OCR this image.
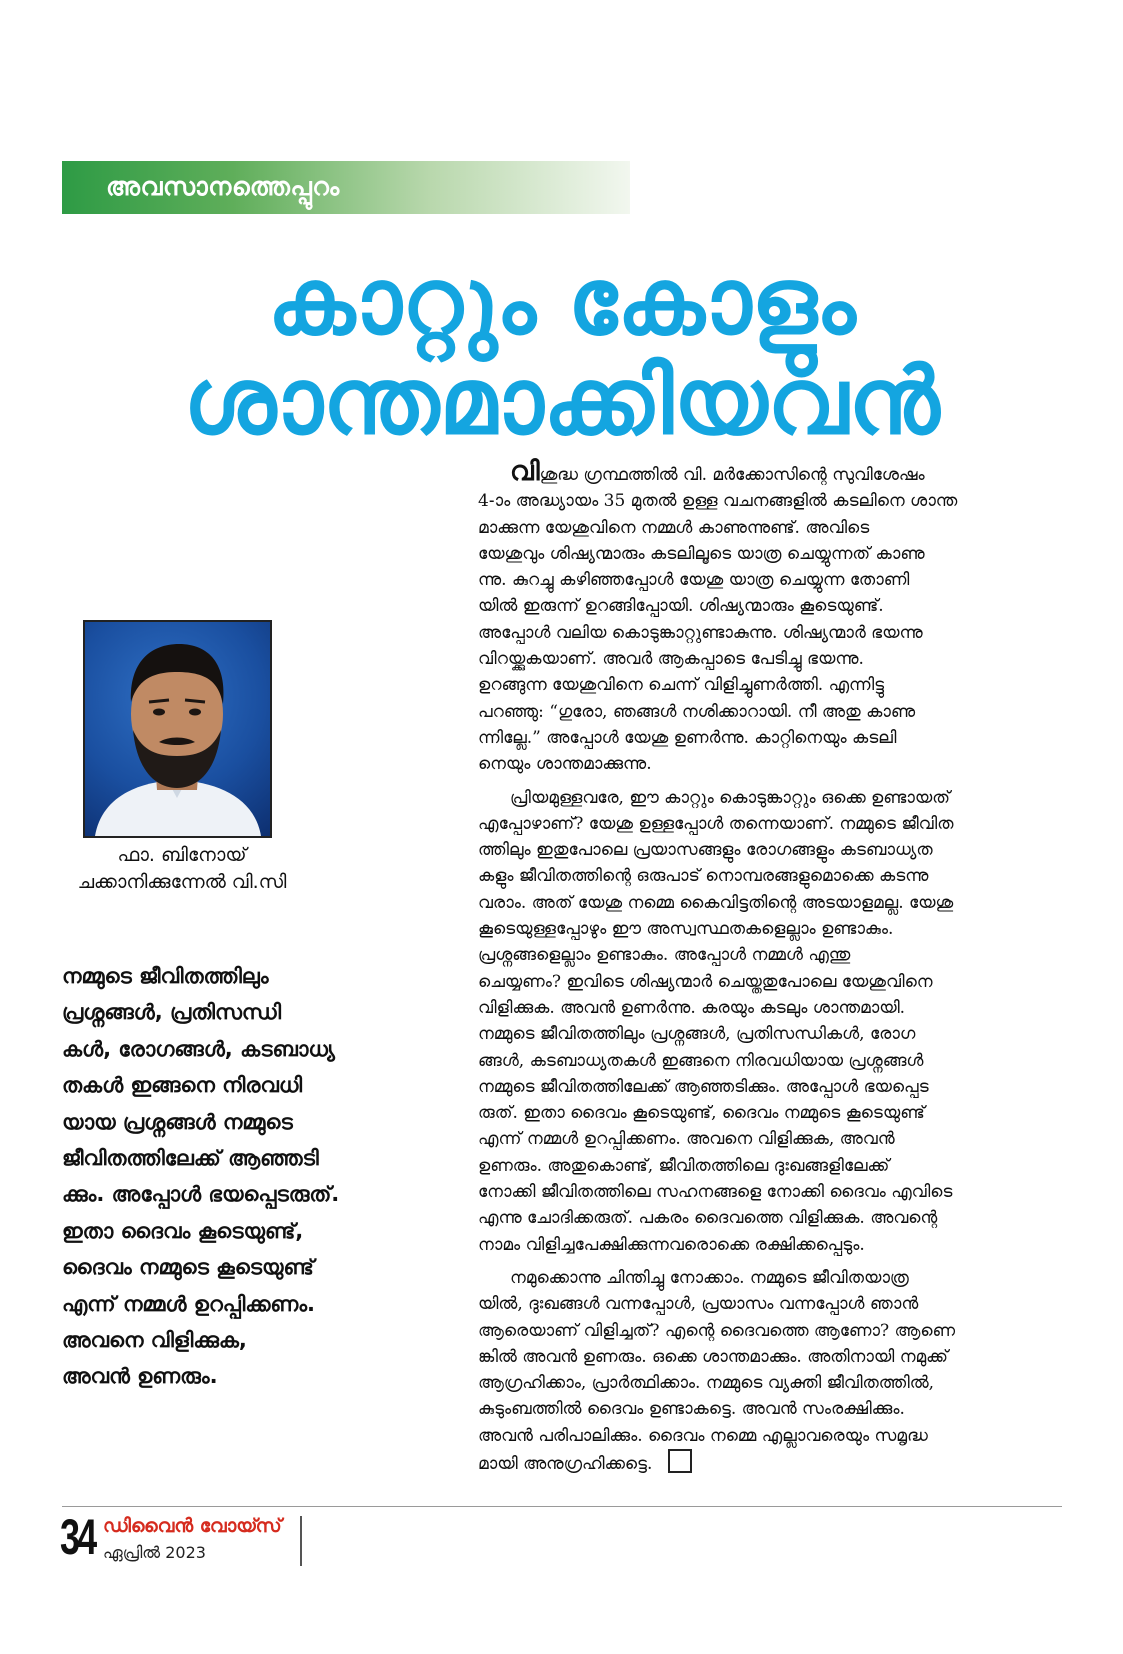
അവസാനത്തെപ്പുറം
കാറ്റും കോളും
ശാന്തമാക്കിയവൻ
ഫാ. ബിനോയ്
ചക്കാനിക്കുന്നേൽ വി.സി
നമ്മുടെ ജീവിതത്തിലും
പ്രശ്നങ്ങൾ, പ്രതിസന്ധി
കൾ, രോഗങ്ങൾ, കടബാധ്യ
തകൾ ഇങ്ങനെ നിരവധി
യായ പ്രശ്നങ്ങൾ നമ്മുടെ
ജീവിതത്തിലേക്ക് ആഞ്ഞടി
ക്കും. അപ്പോൾ ഭയപ്പെടരുത്.
ഇതാ ദൈവം കൂടെയുണ്ട്,
ദൈവം നമ്മുടെ കൂടെയുണ്ട്
എന്ന് നമ്മൾ ഉറപ്പിക്കണം.
അവനെ വിളിക്കുക,
അവൻ ഉണരും.
വിശുദ്ധ ഗ്രന്ഥത്തിൽ വി. മർക്കോസിന്റെ സുവിശേഷം
4-ാം അദ്ധ്യായം 35 മുതൽ ഉള്ള വചനങ്ങളിൽ കടലിനെ ശാന്ത
മാക്കുന്ന യേശുവിനെ നമ്മൾ കാണുന്നുണ്ട്. അവിടെ
യേശുവും ശിഷ്യന്മാരും കടലിലൂടെ യാത്ര ചെയ്യുന്നത് കാണു
ന്നു. കുറച്ചു കഴിഞ്ഞപ്പോൾ യേശു യാത്ര ചെയ്യുന്ന തോണി
യിൽ ഇരുന്ന് ഉറങ്ങിപ്പോയി. ശിഷ്യന്മാരും കൂടെയുണ്ട്.
അപ്പോൾ വലിയ കൊടുങ്കാറ്റുണ്ടാകുന്നു. ശിഷ്യന്മാർ ഭയന്നു
വിറയ്ക്കുകയാണ്. അവർ ആകപ്പാടെ പേടിച്ചു ഭയന്നു.
ഉറങ്ങുന്ന യേശുവിനെ ചെന്ന് വിളിച്ചുണർത്തി. എന്നിട്ടു
പറഞ്ഞു: “ഗുരോ, ഞങ്ങൾ നശിക്കാറായി. നീ അതു കാണു
ന്നില്ലേ.” അപ്പോൾ യേശു ഉണർന്നു. കാറ്റിനെയും കടലി
നെയും ശാന്തമാക്കുന്നു.
പ്രിയമുള്ളവരേ, ഈ കാറ്റും കൊടുങ്കാറ്റും ഒക്കെ ഉണ്ടായത്
എപ്പോഴാണ്? യേശു ഉള്ളപ്പോൾ തന്നെയാണ്. നമ്മുടെ ജീവിത
ത്തിലും ഇതുപോലെ പ്രയാസങ്ങളും രോഗങ്ങളും കടബാധ്യത
കളും ജീവിതത്തിന്റെ ഒരുപാട് നൊമ്പരങ്ങളുമൊക്കെ കടന്നു
വരാം. അത് യേശു നമ്മെ കൈവിട്ടതിന്റെ അടയാളമല്ല. യേശു
കൂടെയുള്ളപ്പോഴും ഈ അസ്വസ്ഥതകളെല്ലാം ഉണ്ടാകും.
പ്രശ്നങ്ങളെല്ലാം ഉണ്ടാകും. അപ്പോൾ നമ്മൾ എന്തു
ചെയ്യണം? ഇവിടെ ശിഷ്യന്മാർ ചെയ്തതുപോലെ യേശുവിനെ
വിളിക്കുക. അവൻ ഉണർന്നു. കരയും കടലും ശാന്തമായി.
നമ്മുടെ ജീവിതത്തിലും പ്രശ്നങ്ങൾ, പ്രതിസന്ധികൾ, രോഗ
ങ്ങൾ, കടബാധ്യതകൾ ഇങ്ങനെ നിരവധിയായ പ്രശ്നങ്ങൾ
നമ്മുടെ ജീവിതത്തിലേക്ക് ആഞ്ഞടിക്കും. അപ്പോൾ ഭയപ്പെട
രുത്. ഇതാ ദൈവം കൂടെയുണ്ട്, ദൈവം നമ്മുടെ കൂടെയുണ്ട്
എന്ന് നമ്മൾ ഉറപ്പിക്കണം. അവനെ വിളിക്കുക, അവൻ
ഉണരും. അതുകൊണ്ട്, ജീവിതത്തിലെ ദുഃഖങ്ങളിലേക്ക്
നോക്കി ജീവിതത്തിലെ സഹനങ്ങളെ നോക്കി ദൈവം എവിടെ
എന്നു ചോദിക്കരുത്. പകരം ദൈവത്തെ വിളിക്കുക. അവന്റെ
നാമം വിളിച്ചപേക്ഷിക്കുന്നവരൊക്കെ രക്ഷിക്കപ്പെടും.
നമുക്കൊന്നു ചിന്തിച്ചു നോക്കാം. നമ്മുടെ ജീവിതയാത്ര
യിൽ, ദുഃഖങ്ങൾ വന്നപ്പോൾ, പ്രയാസം വന്നപ്പോൾ ഞാൻ
ആരെയാണ് വിളിച്ചത്? എന്റെ ദൈവത്തെ ആണോ? ആണെ
ങ്കിൽ അവൻ ഉണരും. ഒക്കെ ശാന്തമാക്കും. അതിനായി നമുക്ക്
ആഗ്രഹിക്കാം, പ്രാർത്ഥിക്കാം. നമ്മുടെ വ്യക്തി ജീവിതത്തിൽ,
കുടുംബത്തിൽ ദൈവം ഉണ്ടാകട്ടെ. അവൻ സംരക്ഷിക്കും.
അവൻ പരിപാലിക്കും. ദൈവം നമ്മെ എല്ലാവരെയും സമൃദ്ധ
മായി അനുഗ്രഹിക്കട്ടെ.
34 ഡിവൈൻ വോയ്സ്
ഏപ്രിൽ 2023
